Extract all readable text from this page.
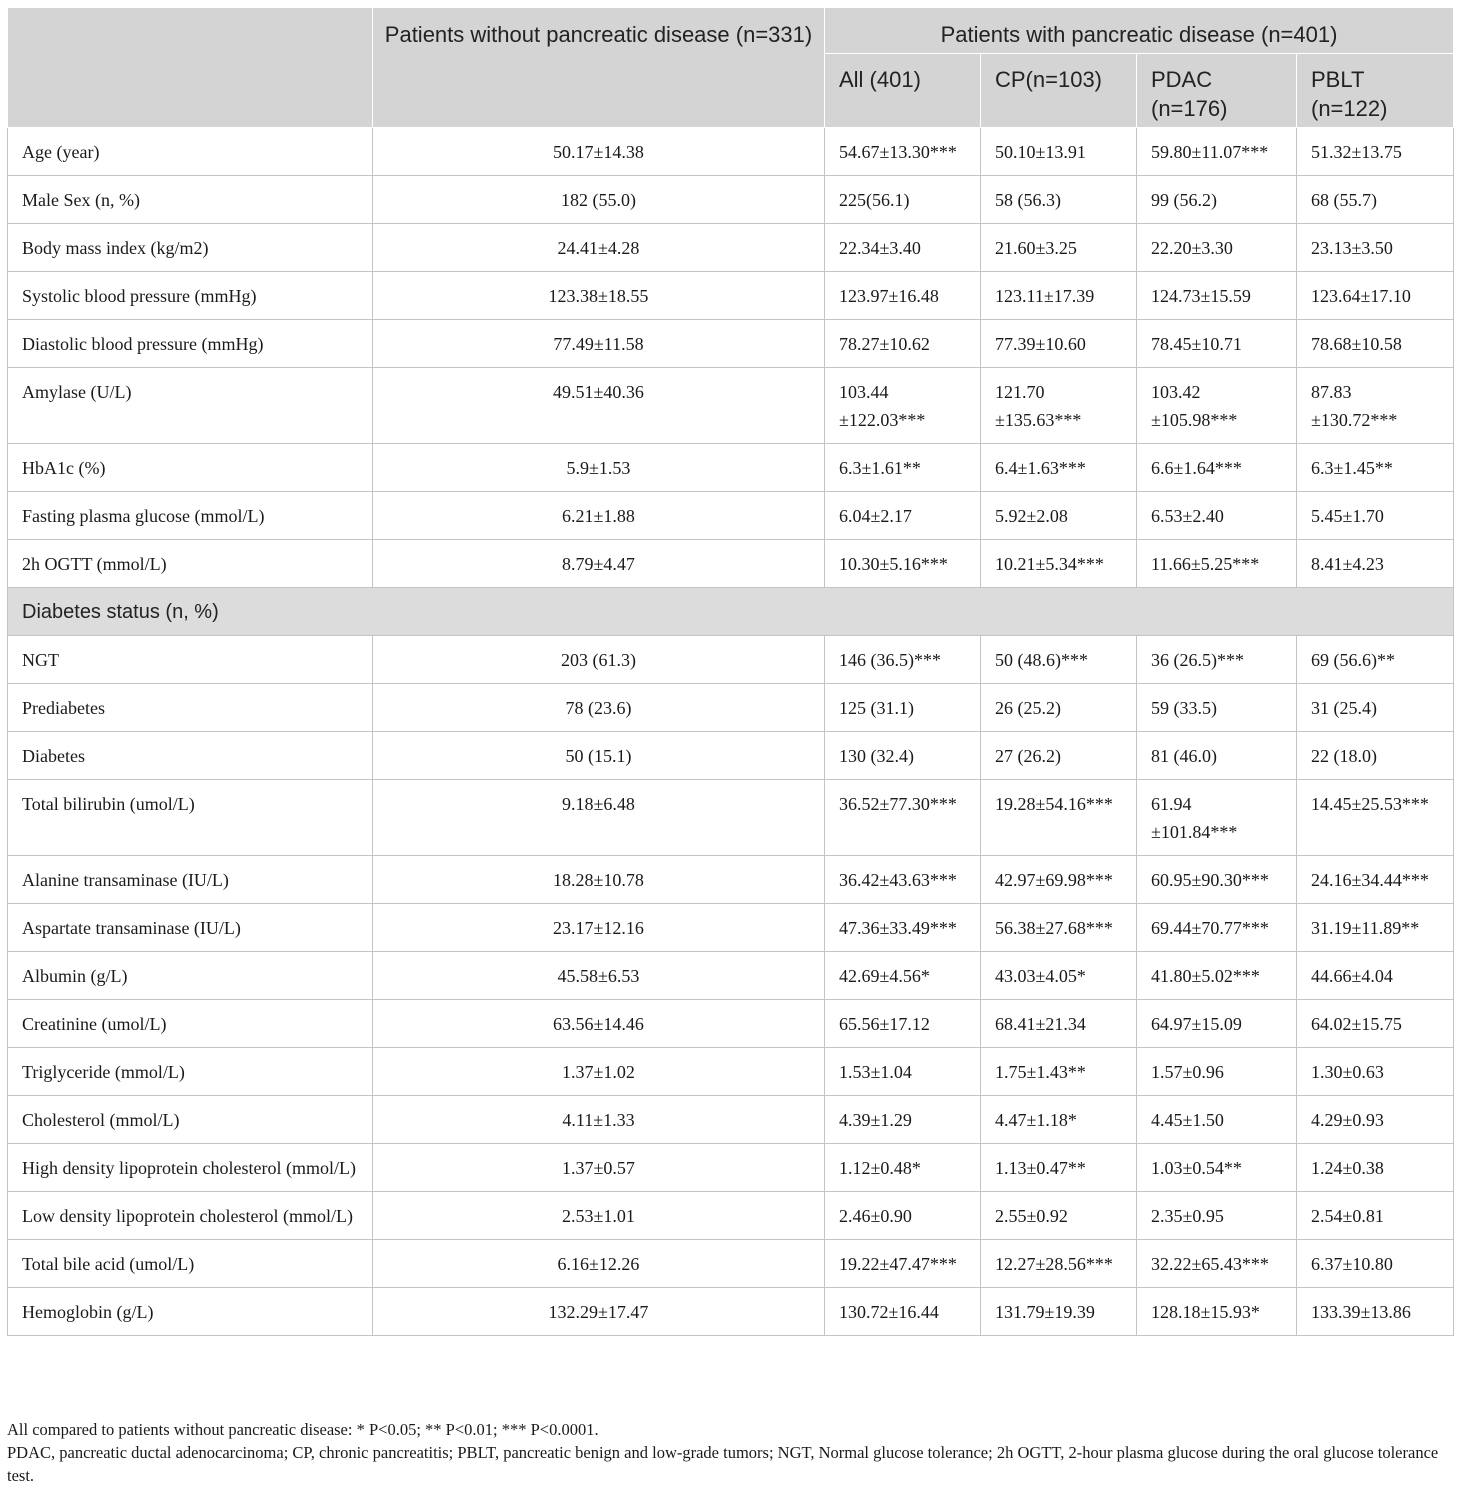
	Patients without pancreatic disease (n=331)	Patients with pancreatic disease (n=401)			
		All (401)	CP(n=103)	PDAC (n=176)	PBLT (n=122)
Age (year)	50.17±14.38	54.67±13.30***	50.10±13.91	59.80±11.07***	51.32±13.75
Male Sex (n, %)	182 (55.0)	225(56.1)	58 (56.3)	99 (56.2)	68 (55.7)
Body mass index (kg/m2)	24.41±4.28	22.34±3.40	21.60±3.25	22.20±3.30	23.13±3.50
Systolic blood pressure (mmHg)	123.38±18.55	123.97±16.48	123.11±17.39	124.73±15.59	123.64±17.10
Diastolic blood pressure (mmHg)	77.49±11.58	78.27±10.62	77.39±10.60	78.45±10.71	78.68±10.58
Amylase (U/L)	49.51±40.36	103.44 ±122.03***	121.70 ±135.63***	103.42 ±105.98***	87.83 ±130.72***
HbA1c (%)	5.9±1.53	6.3±1.61**	6.4±1.63***	6.6±1.64***	6.3±1.45**
Fasting plasma glucose (mmol/L)	6.21±1.88	6.04±2.17	5.92±2.08	6.53±2.40	5.45±1.70
2h OGTT (mmol/L)	8.79±4.47	10.30±5.16***	10.21±5.34***	11.66±5.25***	8.41±4.23
Diabetes status (n, %)					
NGT	203 (61.3)	146 (36.5)***	50 (48.6)***	36 (26.5)***	69 (56.6)**
Prediabetes	78 (23.6)	125 (31.1)	26 (25.2)	59 (33.5)	31 (25.4)
Diabetes	50 (15.1)	130 (32.4)	27 (26.2)	81 (46.0)	22 (18.0)
Total bilirubin (umol/L)	9.18±6.48	36.52±77.30***	19.28±54.16***	61.94 ±101.84***	14.45±25.53***
Alanine transaminase (IU/L)	18.28±10.78	36.42±43.63***	42.97±69.98***	60.95±90.30***	24.16±34.44***
Aspartate transaminase (IU/L)	23.17±12.16	47.36±33.49***	56.38±27.68***	69.44±70.77***	31.19±11.89**
Albumin (g/L)	45.58±6.53	42.69±4.56*	43.03±4.05*	41.80±5.02***	44.66±4.04
Creatinine (umol/L)	63.56±14.46	65.56±17.12	68.41±21.34	64.97±15.09	64.02±15.75
Triglyceride (mmol/L)	1.37±1.02	1.53±1.04	1.75±1.43**	1.57±0.96	1.30±0.63
Cholesterol (mmol/L)	4.11±1.33	4.39±1.29	4.47±1.18*	4.45±1.50	4.29±0.93
High density lipoprotein cholesterol (mmol/L)	1.37±0.57	1.12±0.48*	1.13±0.47**	1.03±0.54**	1.24±0.38
Low density lipoprotein cholesterol (mmol/L)	2.53±1.01	2.46±0.90	2.55±0.92	2.35±0.95	2.54±0.81
Total bile acid (umol/L)	6.16±12.26	19.22±47.47***	12.27±28.56***	32.22±65.43***	6.37±10.80
Hemoglobin (g/L)	132.29±17.47	130.72±16.44	131.79±19.39	128.18±15.93*	133.39±13.86

All compared to patients without pancreatic disease: * P<0.05; ** P<0.01; *** P<0.0001.

PDAC, pancreatic ductal adenocarcinoma; CP, chronic pancreatitis; PBLT, pancreatic benign and low-grade tumors; NGT, Normal glucose tolerance; 2h OGTT, 2-hour plasma glucose during the oral glucose tolerance test.
